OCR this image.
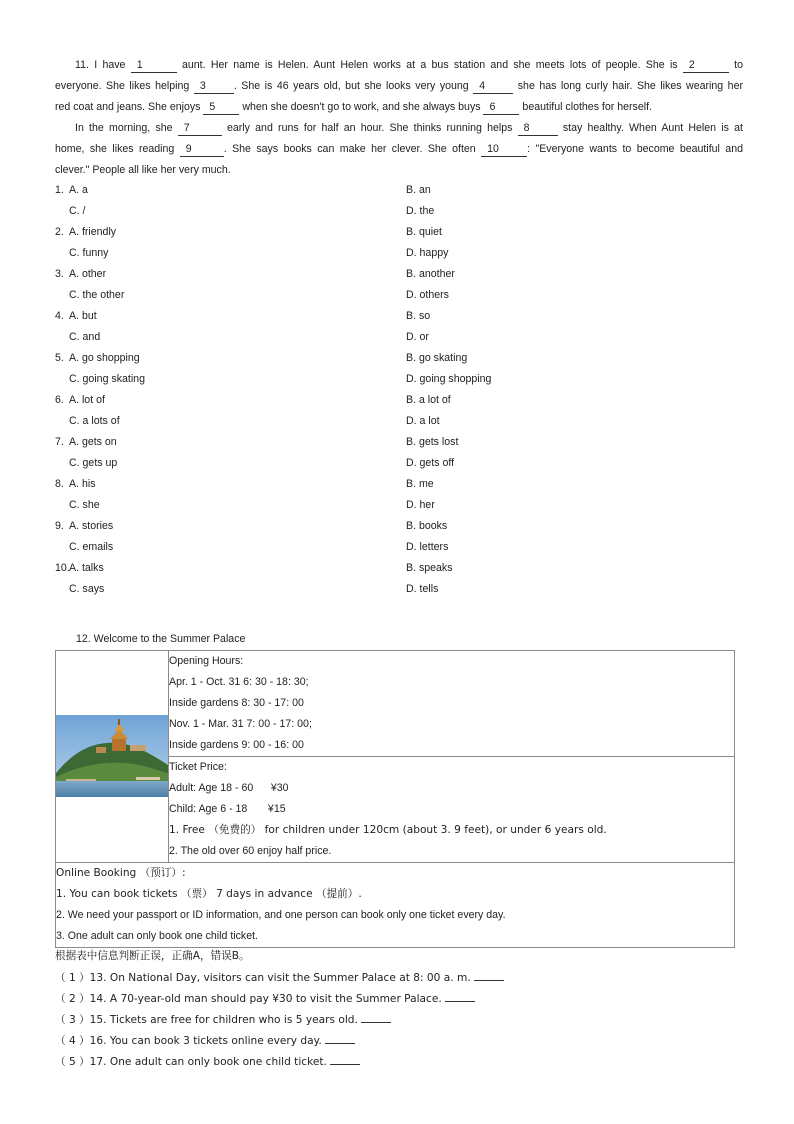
11. I have 1	aunt. Her name is Helen. Aunt Helen works at a bus station and she meets lots of people. She is 2	to
everyone. She likes helping 3	. She is 46 years old, but she looks very young 4	she has long curly hair. She likes wearing her
red coat and jeans. She enjoys 5 when she doesn't go to work, and she always buys 6 beautiful clothes for herself.
In the morning, she 7	early and runs for half an hour. She thinks running helps 8	stay healthy. When Aunt Helen is at
home, she likes reading 9	. She says books can make her clever. She often 10	: "Everyone wants to become beautiful and
clever." People all like her very much.
1. A. a	B. an
C. /	D. the
2. A. friendly	B. quiet
C. funny	D. happy
3. A. other	B. another
C. the other	D. others
4. A. but	B. so
C. and	D. or
5. A. go shopping	B. go skating
C. going skating	D. going shopping
6. A. lot of	B. a lot of
C. a lots of	D. a lot
7. A. gets on	B. gets lost
C. gets up	D. gets off
8. A. his	B. me
C. she	D. her
9. A. stories	B. books
C. emails	D. letters
10. A. talks	B. speaks
C. says	D. tells
12. Welcome to the Summer Palace

Opening Hours:
Apr. 1 - Oct. 31 6: 30 - 18: 30;
Inside gardens 8: 30 - 17: 00
Nov. 1 - Mar. 31 7: 00 - 17: 00;
Inside gardens 9: 00 - 16: 00

Ticket Price:
Adult: Age 18 - 60      ¥30
Child: Age 6 - 18       ¥15
1. Free （免费的） for children under 120cm (about 3. 9 feet), or under 6 years old.
2. The old over 60 enjoy half price.

Online Booking （预订）:
1. You can book tickets （票） 7 days in advance （提前）.
2. We need your passport or ID information, and one person can book only one ticket every day.
3. One adult can only book one child ticket.
根据表中信息判断正误，正确A，错误B。
（ 1 ）13. On National Day, visitors can visit the Summer Palace at 8: 00 a. m.
（ 2 ）14. A 70-year-old man should pay ¥30 to visit the Summer Palace.
（ 3 ）15. Tickets are free for children who is 5 years old.
（ 4 ）16. You can book 3 tickets online every day.
（ 5 ）17. One adult can only book one child ticket.
